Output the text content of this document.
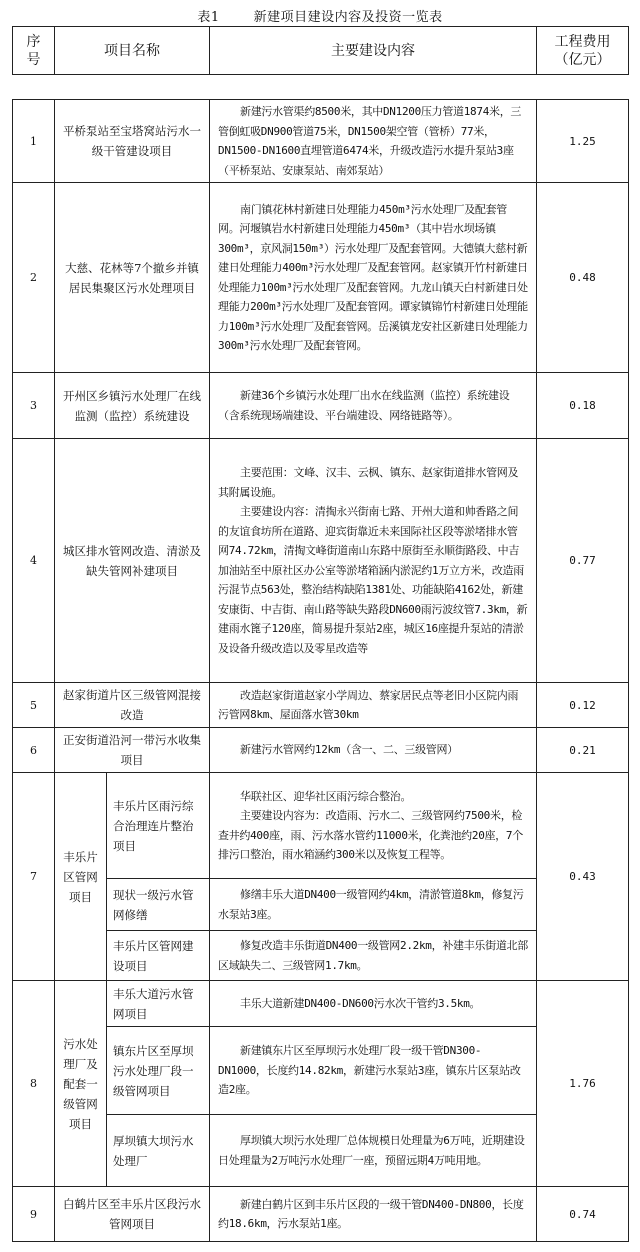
表1	新建项目建设内容及投资一览表
序号	项目名称		主要建设内容	工程费用（亿元）

1	平桥泵站至宝塔窝站污水一级干管建设项目		新建污水管渠约8500米，其中DN1200压力管道1874米，三管倒虹吸DN900管道75米，DN1500架空管（管桥）77米，DN1500-DN1600直埋管道6474米，升级改造污水提升泵站3座（平桥泵站、安康泵站、南郊泵站）	1.25
2	大慈、花林等7个撤乡并镇居民集聚区污水处理项目		南门镇花林村新建日处理能力450m³污水处理厂及配套管网。河堰镇岩水村新建日处理能力450m³（其中岩水坝场镇300m³，京风洞150m³）污水处理厂及配套管网。大德镇大慈村新建日处理能力400m³污水处理厂及配套管网。赵家镇开竹村新建日处理能力100m³污水处理厂及配套管网。九龙山镇天白村新建日处理能力200m³污水处理厂及配套管网。谭家镇锦竹村新建日处理能力100m³污水处理厂及配套管网。岳溪镇龙安社区新建日处理能力300m³污水处理厂及配套管网。	0.48
3	开州区乡镇污水处理厂在线监测（监控）系统建设		新建36个乡镇污水处理厂出水在线监测（监控）系统建设（含系统现场端建设、平台端建设、网络链路等）。	0.18
4	城区排水管网改造、清淤及缺失管网补建项目		主要范围：文峰、汉丰、云枫、镇东、赵家街道排水管网及其附属设施。

主要建设内容：清掏永兴街南七路、开州大道和帅香路之间的友谊食坊所在道路、迎宾街靠近未来国际社区段等淤堵排水管网74.72km，清掏文峰街道南山东路中原街至永顺街路段、中吉加油站至中原社区办公室等淤堵箱涵内淤泥约1万立方米，改造雨污混节点563处，整治结构缺陷1381处、功能缺陷4162处，新建安康街、中吉街、南山路等缺失路段DN600雨污波纹管7.3km，新建雨水篦子120座，简易提升泵站2座，城区16座提升泵站的清淤及设备升级改造以及零星改造等	0.77
5	赵家街道片区三级管网混接改造		改造赵家街道赵家小学周边、蔡家居民点等老旧小区院内雨污管网8km、屋面落水管30km	0.12
6	正安街道沿河一带污水收集项目		新建污水管网约12km（含一、二、三级管网）	0.21
7	丰乐片区管网项目	丰乐片区雨污综合治理连片整治项目	华联社区、迎华社区雨污综合整治。

主要建设内容为：改造雨、污水二、三级管网约7500米，检查井约400座，雨、污水落水管约11000米，化粪池约20座，7个排污口整治，雨水箱涵约300米以及恢复工程等。	0.43
		现状一级污水管网修缮	修缮丰乐大道DN400一级管网约4km，清淤管道8km，修复污水泵站3座。	

		丰乐片区管网建设项目	修复改造丰乐街道DN400一级管网2.2km，补建丰乐街道北部区域缺失二、三级管网1.7km。	

8	污水处理厂及配套一级管网项目	丰乐大道污水管网项目	丰乐大道新建DN400-DN600污水次干管约3.5km。	1.76
		镇东片区至厚坝污水处理厂段一级管网项目	新建镇东片区至厚坝污水处理厂段一级干管DN300-DN1000，长度约14.82km，新建污水泵站3座，镇东片区泵站改造2座。	

		厚坝镇大坝污水处理厂	厚坝镇大坝污水处理厂总体规模日处理量为6万吨，近期建设日处理量为2万吨污水处理厂一座，预留远期4万吨用地。	

9	白鹤片区至丰乐片区段污水管网项目		新建白鹤片区到丰乐片区段的一级干管DN400-DN800，长度约18.6km，污水泵站1座。	0.74
